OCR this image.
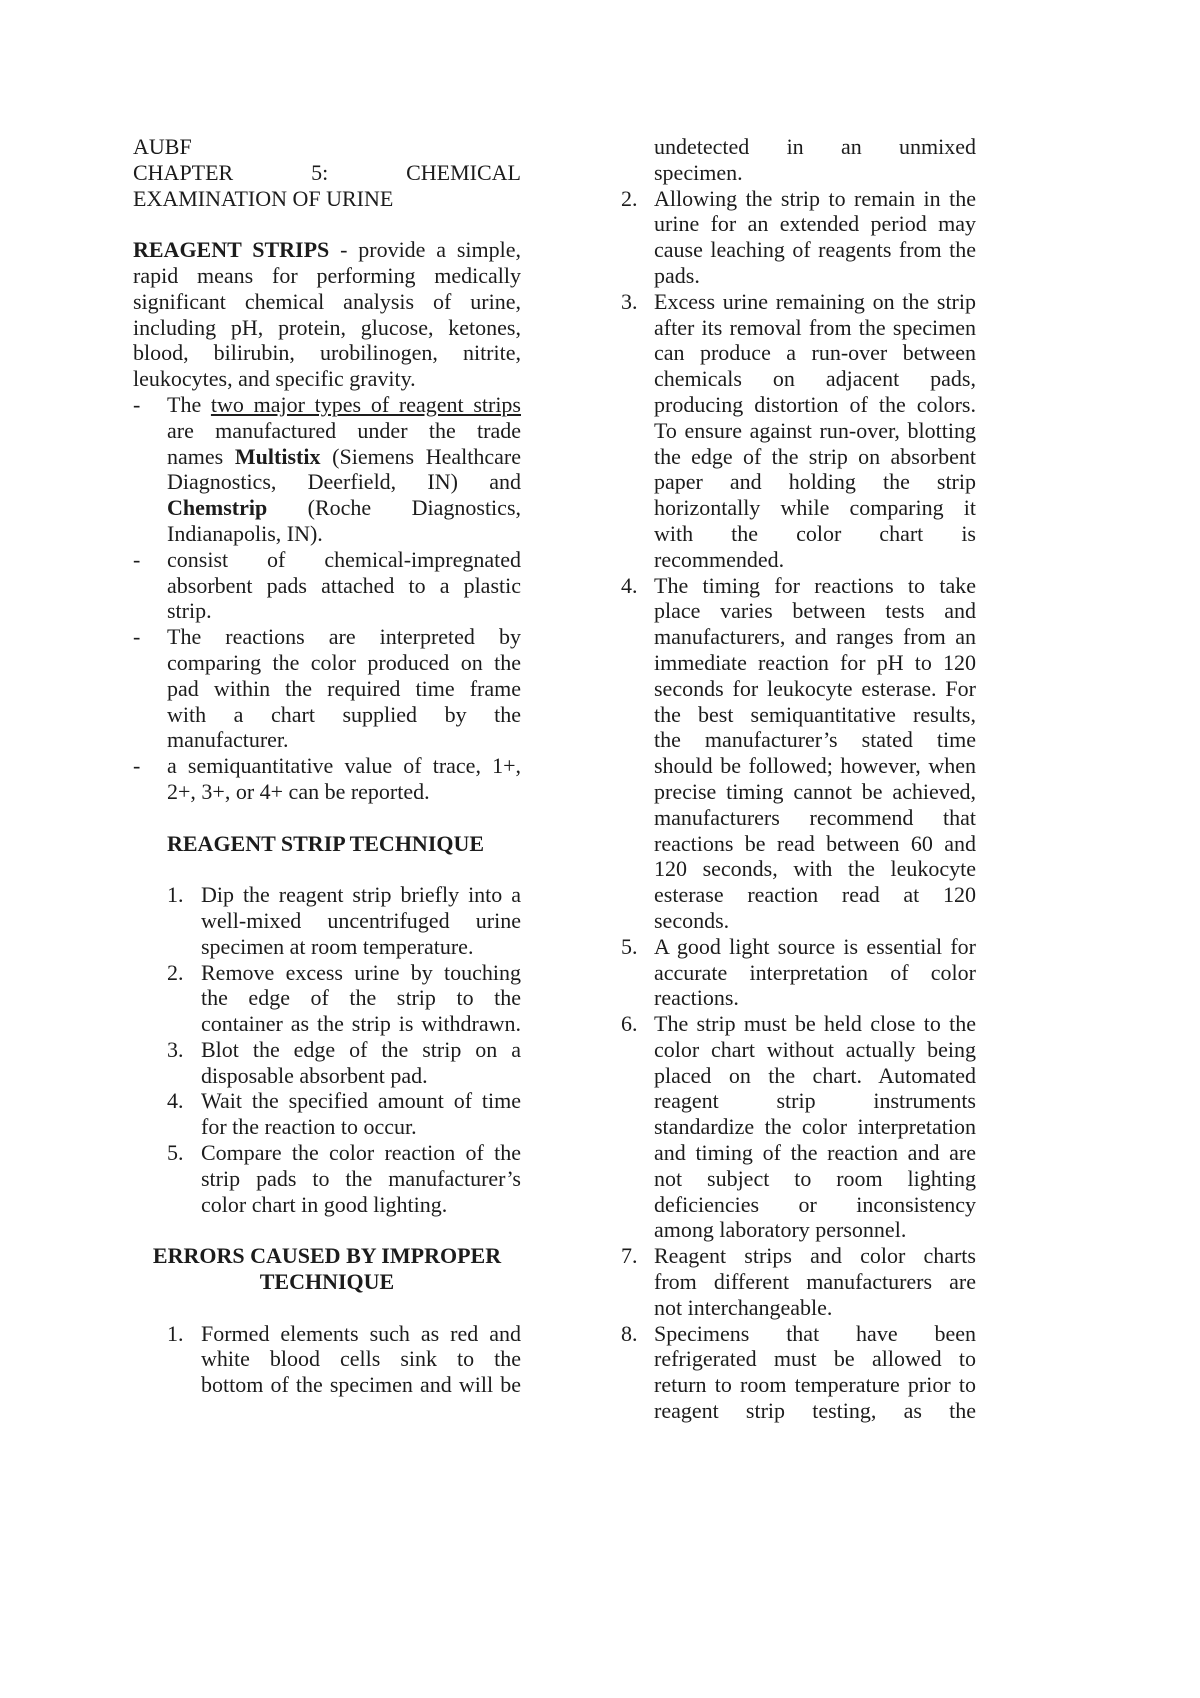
AUBF
CHAPTER 5: CHEMICAL
EXAMINATION OF URINE
REAGENT STRIPS - provide a simple,
rapid means for performing medically
significant chemical analysis of urine,
including pH, protein, glucose, ketones,
blood, bilirubin, urobilinogen, nitrite,
leukocytes, and specific gravity.
- The two major types of reagent strips
are manufactured under the trade
names Multistix (Siemens Healthcare
Diagnostics, Deerfield, IN) and
Chemstrip (Roche Diagnostics,
Indianapolis, IN).
- consist of chemical-impregnated
absorbent pads attached to a plastic
strip.
- The reactions are interpreted by
comparing the color produced on the
pad within the required time frame
with a chart supplied by the
manufacturer.
- a semiquantitative value of trace, 1+,
2+, 3+, or 4+ can be reported.
REAGENT STRIP TECHNIQUE
1. Dip the reagent strip briefly into a
well-mixed uncentrifuged urine
specimen at room temperature.
2. Remove excess urine by touching
the edge of the strip to the
container as the strip is withdrawn.
3. Blot the edge of the strip on a
disposable absorbent pad.
4. Wait the specified amount of time
for the reaction to occur.
5. Compare the color reaction of the
strip pads to the manufacturer’s
color chart in good lighting.
ERRORS CAUSED BY IMPROPER
TECHNIQUE
1. Formed elements such as red and
white blood cells sink to the
bottom of the specimen and will be
undetected in an unmixed
specimen.
2. Allowing the strip to remain in the
urine for an extended period may
cause leaching of reagents from the
pads.
3. Excess urine remaining on the strip
after its removal from the specimen
can produce a run-over between
chemicals on adjacent pads,
producing distortion of the colors.
To ensure against run-over, blotting
the edge of the strip on absorbent
paper and holding the strip
horizontally while comparing it
with the color chart is
recommended.
4. The timing for reactions to take
place varies between tests and
manufacturers, and ranges from an
immediate reaction for pH to 120
seconds for leukocyte esterase. For
the best semiquantitative results,
the manufacturer’s stated time
should be followed; however, when
precise timing cannot be achieved,
manufacturers recommend that
reactions be read between 60 and
120 seconds, with the leukocyte
esterase reaction read at 120
seconds.
5. A good light source is essential for
accurate interpretation of color
reactions.
6. The strip must be held close to the
color chart without actually being
placed on the chart. Automated
reagent strip instruments
standardize the color interpretation
and timing of the reaction and are
not subject to room lighting
deficiencies or inconsistency
among laboratory personnel.
7. Reagent strips and color charts
from different manufacturers are
not interchangeable.
8. Specimens that have been
refrigerated must be allowed to
return to room temperature prior to
reagent strip testing, as the
